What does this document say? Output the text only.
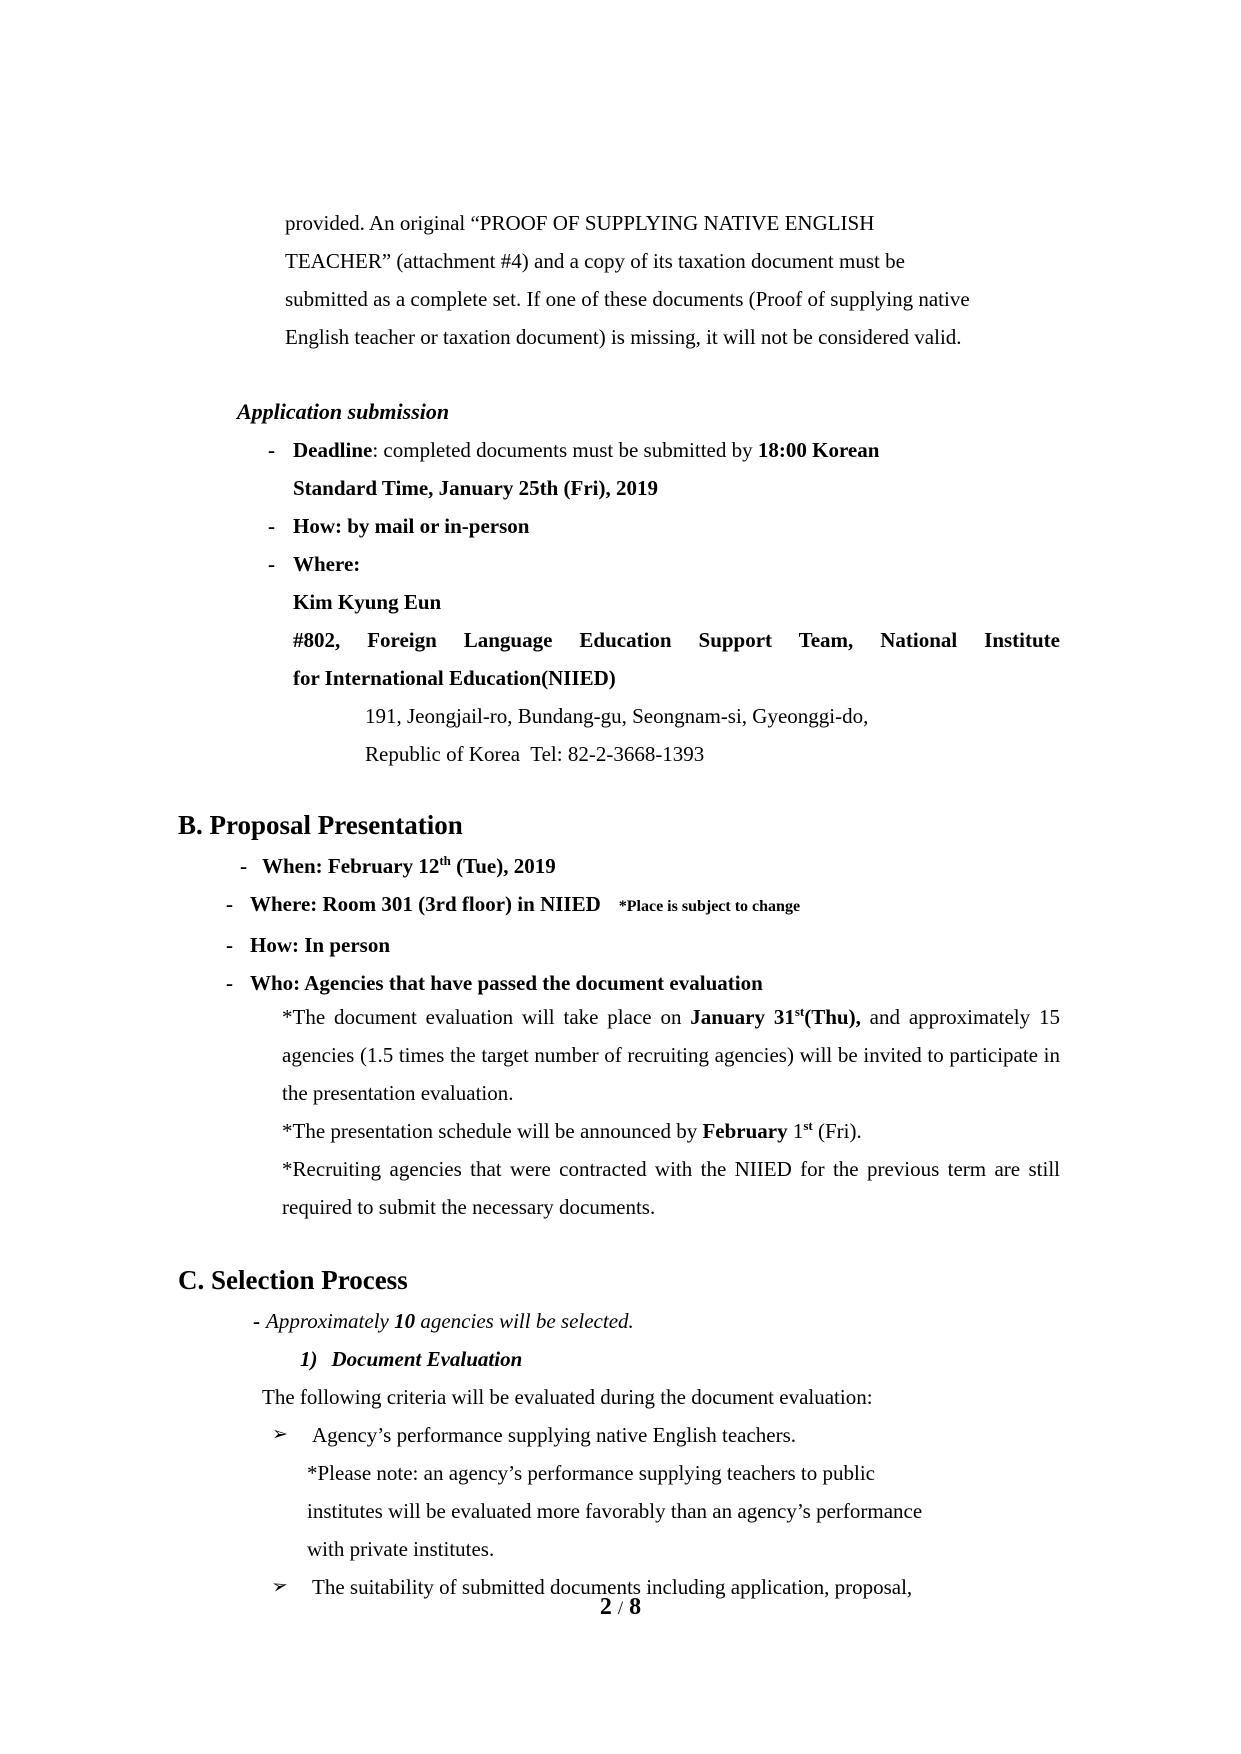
provided. An original “PROOF OF SUPPLYING NATIVE ENGLISH
TEACHER” (attachment #4) and a copy of its taxation document must be
submitted as a complete set. If one of these documents (Proof of supplying native
English teacher or taxation document) is missing, it will not be considered valid.
Application submission
- Deadline: completed documents must be submitted by 18:00 Korean
Standard Time, January 25th (Fri), 2019
- How: by mail or in-person
- Where:
Kim Kyung Eun
#802, Foreign Language Education Support Team, National Institute
for International Education(NIIED)
191, Jeongjail-ro, Bundang-gu, Seongnam-si, Gyeonggi-do,
Republic of Korea  Tel: 82-2-3668-1393
B. Proposal Presentation
- When: February 12th (Tue), 2019
- Where: Room 301 (3rd floor) in NIIED *Place is subject to change
- How: In person
- Who: Agencies that have passed the document evaluation
*The document evaluation will take place on January 31st(Thu), and approximately 15 agencies (1.5 times the target number of recruiting agencies) will be invited to participate in the presentation evaluation.
*The presentation schedule will be announced by February 1st (Fri).
*Recruiting agencies that were contracted with the NIIED for the previous term are still required to submit the necessary documents.
C. Selection Process
- Approximately 10 agencies will be selected.
1) Document Evaluation
The following criteria will be evaluated during the document evaluation:
➢	Agency’s performance supplying native English teachers.
*Please note: an agency’s performance supplying teachers to public
institutes will be evaluated more favorably than an agency’s performance
with private institutes.
➢	The suitability of submitted documents including application, proposal,
2 / 8
